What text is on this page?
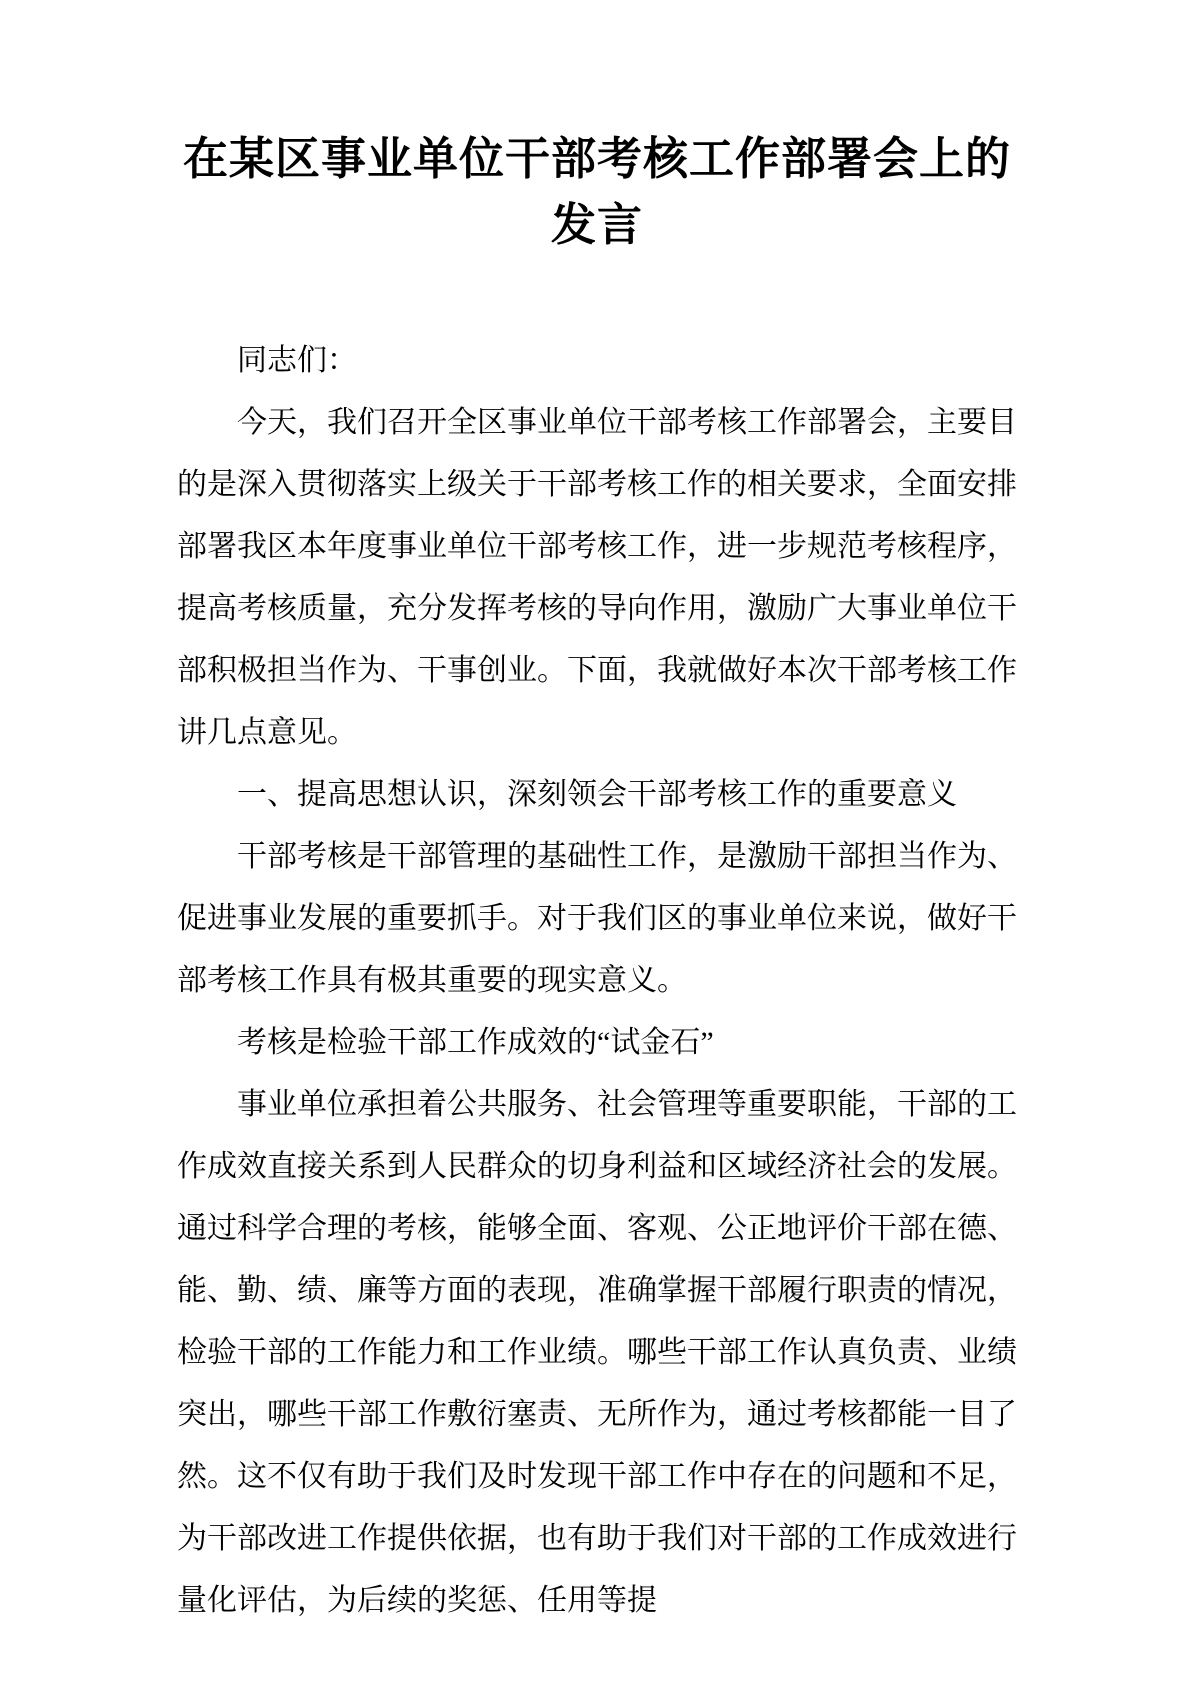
在某区事业单位干部考核工作部署会上的
发言

同志们：

今天，我们召开全区事业单位干部考核工作部署会，主要目的是深入贯彻落实上级关于干部考核工作的相关要求，全面安排部署我区本年度事业单位干部考核工作，进一步规范考核程序，提高考核质量，充分发挥考核的导向作用，激励广大事业单位干部积极担当作为、干事创业。下面，我就做好本次干部考核工作讲几点意见。

一、提高思想认识，深刻领会干部考核工作的重要意义

干部考核是干部管理的基础性工作，是激励干部担当作为、促进事业发展的重要抓手。对于我们区的事业单位来说，做好干部考核工作具有极其重要的现实意义。

考核是检验干部工作成效的“试金石”

事业单位承担着公共服务、社会管理等重要职能，干部的工作成效直接关系到人民群众的切身利益和区域经济社会的发展。通过科学合理的考核，能够全面、客观、公正地评价干部在德、能、勤、绩、廉等方面的表现，准确掌握干部履行职责的情况，检验干部的工作能力和工作业绩。哪些干部工作认真负责、业绩突出，哪些干部工作敷衍塞责、无所作为，通过考核都能一目了然。这不仅有助于我们及时发现干部工作中存在的问题和不足，为干部改进工作提供依据，也有助于我们对干部的工作成效进行量化评估，为后续的奖惩、任用等提
